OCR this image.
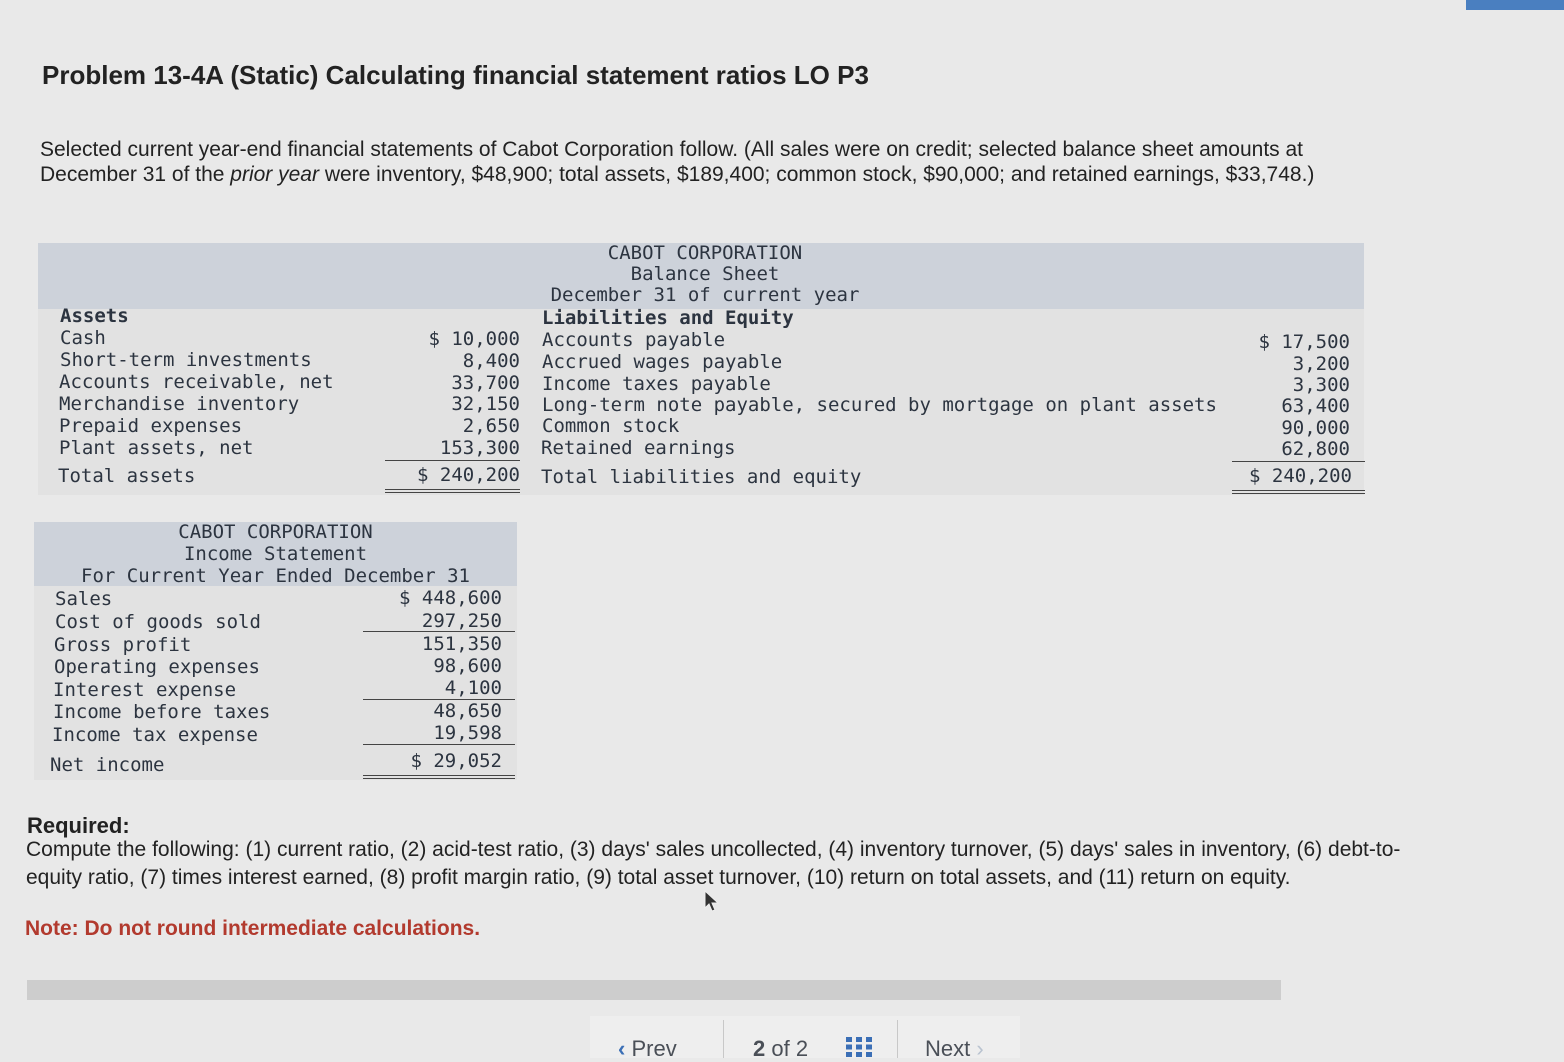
Problem 13-4A (Static) Calculating financial statement ratios LO P3
Selected current year-end financial statements of Cabot Corporation follow. (All sales were on credit; selected balance sheet amounts at December 31 of the prior year were inventory, $48,900; total assets, $189,400; common stock, $90,000; and retained earnings, $33,748.)
CABOT CORPORATION
Balance Sheet
December 31 of current year
Assets	Liabilities and Equity
Cash	$ 10,000
Short-term investments	8,400
Accounts receivable, net	33,700
Merchandise inventory	32,150
Prepaid expenses	2,650
Plant assets, net	153,300
Total assets	$ 240,200
Accounts payable	$ 17,500
Accrued wages payable	3,200
Income taxes payable	3,300
Long-term note payable, secured by mortgage on plant assets	63,400
Common stock	90,000
Retained earnings	62,800
Total liabilities and equity	$ 240,200
CABOT CORPORATION
Income Statement
For Current Year Ended December 31
Sales	$ 448,600
Cost of goods sold	297,250
Gross profit	151,350
Operating expenses	98,600
Interest expense	4,100
Income before taxes	48,650
Income tax expense	19,598
Net income	$ 29,052
Required:
Compute the following: (1) current ratio, (2) acid-test ratio, (3) days' sales uncollected, (4) inventory turnover, (5) days' sales in inventory, (6) debt-to-equity ratio, (7) times interest earned, (8) profit margin ratio, (9) total asset turnover, (10) return on total assets, and (11) return on equity.
Note: Do not round intermediate calculations.
‹ Prev	2 of 2	Next ›
